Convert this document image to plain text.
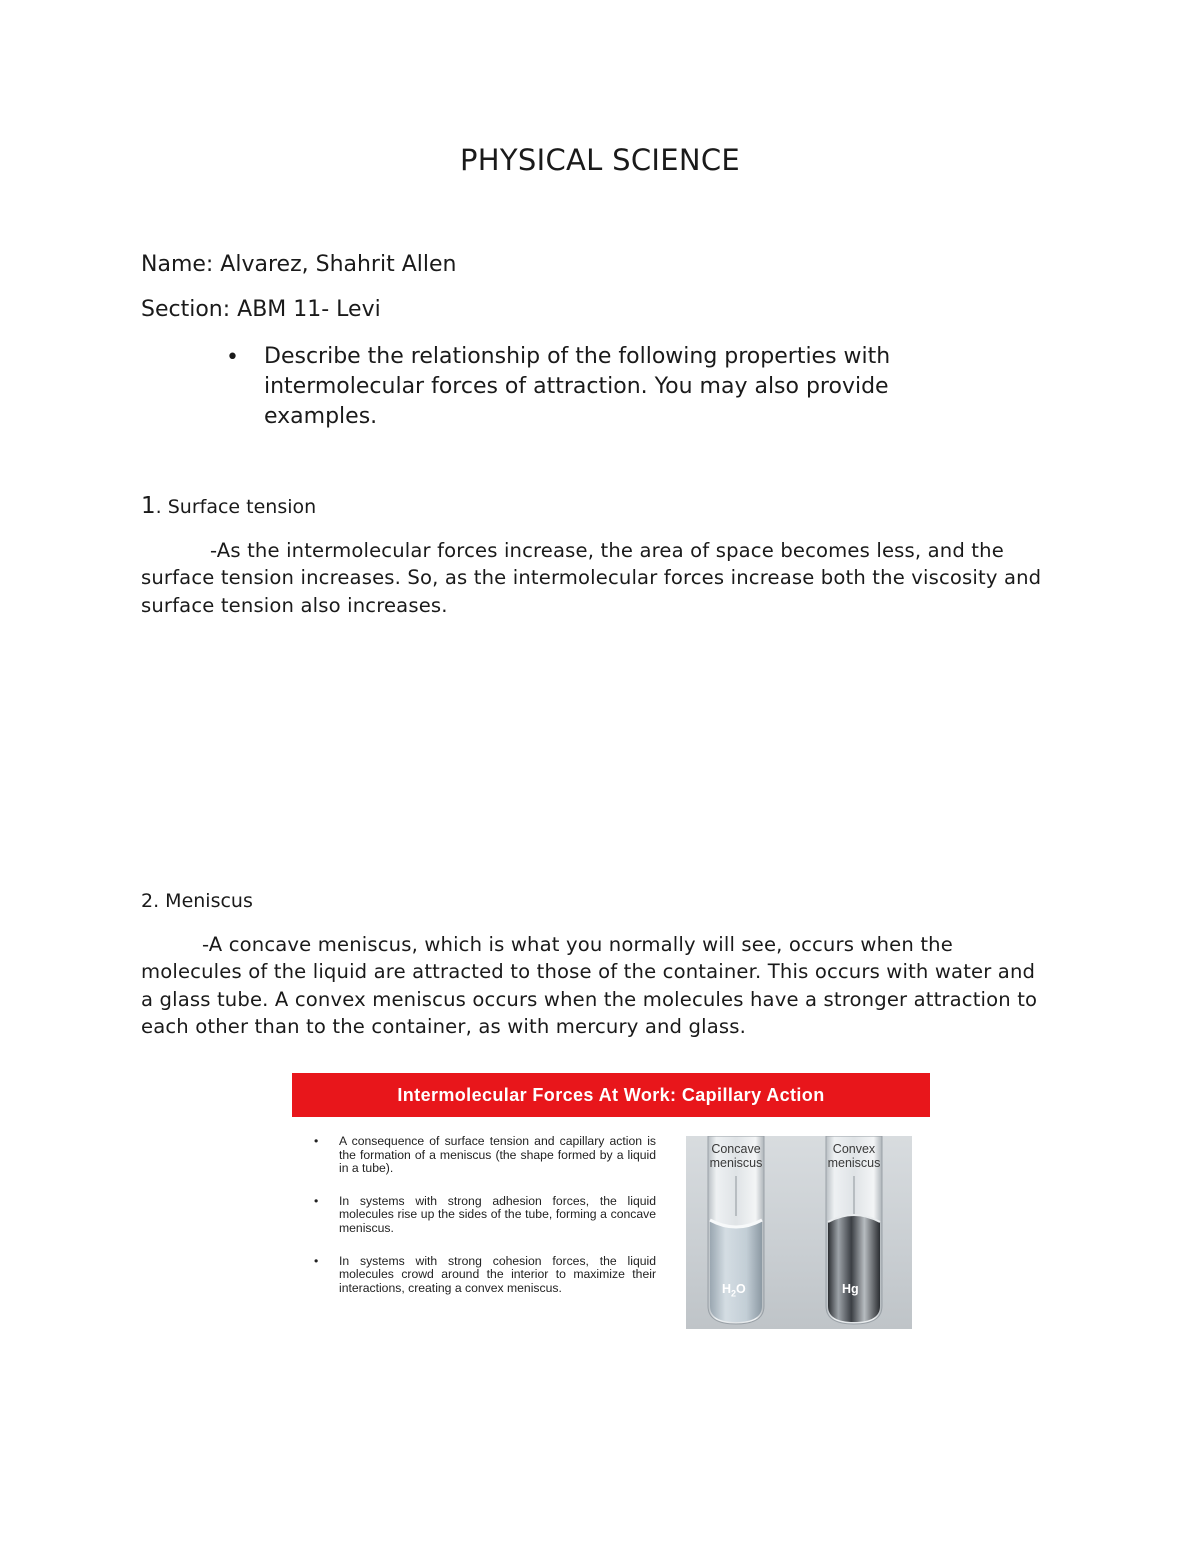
PHYSICAL SCIENCE

Name: Alvarez, Shahrit Allen

Section: ABM 11- Levi

• Describe the relationship of the following properties with intermolecular forces of attraction. You may also provide examples.

1. Surface tension

-As the intermolecular forces increase, the area of space becomes less, and the surface tension increases. So, as the intermolecular forces increase both the viscosity and surface tension also increases.

2. Meniscus

-A concave meniscus, which is what you normally will see, occurs when the molecules of the liquid are attracted to those of the container. This occurs with water and a glass tube. A convex meniscus occurs when the molecules have a stronger attraction to each other than to the container, as with mercury and glass.

Intermolecular Forces At Work: Capillary Action
• A consequence of surface tension and capillary action is the formation of a meniscus (the shape formed by a liquid in a tube).
• In systems with strong adhesion forces, the liquid molecules rise up the sides of the tube, forming a concave meniscus.
• In systems with strong cohesion forces, the liquid molecules crowd around the interior to maximize their interactions, creating a convex meniscus.
Concave meniscus
Convex meniscus
$H_2O$	Hg
